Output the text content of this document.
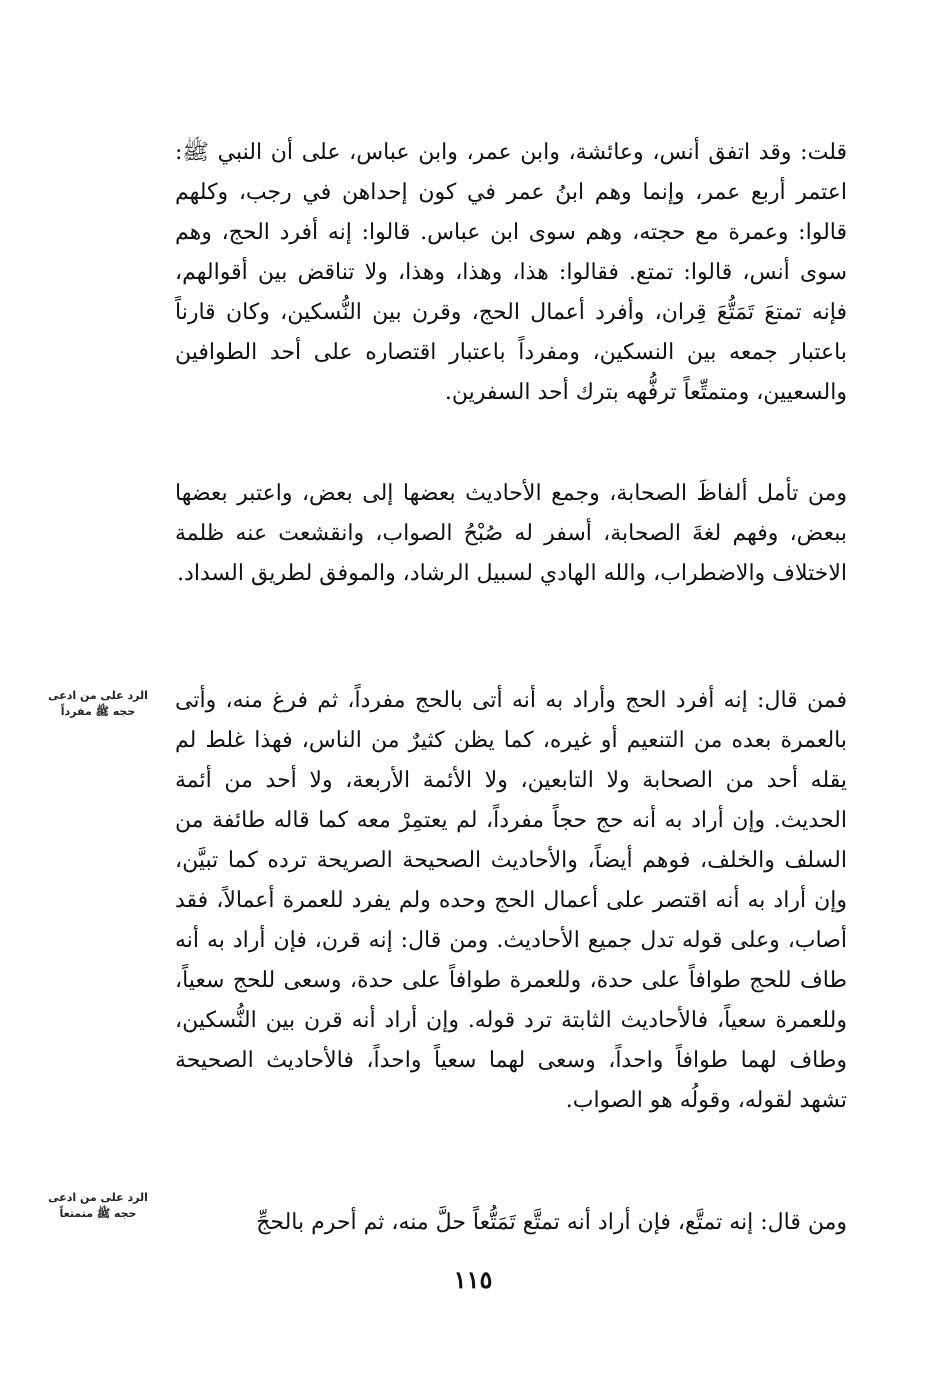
قلت: وقد اتفق أنس، وعائشة، وابن عمر، وابن عباس، على أن النبي ﷺ: اعتمر أربع عمر، وإنما وهم ابنُ عمر في كون إحداهن في رجب، وكلهم قالوا: وعمرة مع حجته، وهم سوى ابن عباس. قالوا: إنه أفرد الحج، وهم سوى أنس، قالوا: تمتع. فقالوا: هذا، وهذا، وهذا، ولا تناقض بين أقوالهم، فإنه تمتعَ تَمَتُّعَ قِران، وأفرد أعمال الحج، وقرن بين النُّسكين، وكان قارناً باعتبار جمعه بين النسكين، ومفرداً باعتبار اقتصاره على أحد الطوافين والسعيين، ومتمتِّعاً ترفُّهه بترك أحد السفرين.

ومن تأمل ألفاظَ الصحابة، وجمع الأحاديث بعضها إلى بعض، واعتبر بعضها ببعض، وفهم لغةَ الصحابة، أسفر له صُبْحُ الصواب، وانقشعت عنه ظلمة الاختلاف والاضطراب، والله الهادي لسبيل الرشاد، والموفق لطريق السداد.

الرد على من ادعى
حجه ﷺ مفرداً	فمن قال: إنه أفرد الحج وأراد به أنه أتى بالحج مفرداً، ثم فرغ منه، وأتى بالعمرة بعده من التنعيم أو غيره، كما يظن كثيرٌ من الناس، فهذا غلط لم يقله أحد من الصحابة ولا التابعين، ولا الأئمة الأربعة، ولا أحد من أئمة الحديث. وإن أراد به أنه حج حجاً مفرداً، لم يعتمِرْ معه كما قاله طائفة من السلف والخلف، فوهم أيضاً، والأحاديث الصحيحة الصريحة ترده كما تبيَّن، وإن أراد به أنه اقتصر على أعمال الحج وحده ولم يفرد للعمرة أعمالاً، فقد أصاب، وعلى قوله تدل جميع الأحاديث. ومن قال: إنه قرن، فإن أراد به أنه طاف للحج طوافاً على حدة، وللعمرة طوافاً على حدة، وسعى للحج سعياً، وللعمرة سعياً، فالأحاديث الثابتة ترد قوله. وإن أراد أنه قرن بين النُّسكين، وطاف لهما طوافاً واحداً، وسعى لهما سعياً واحداً، فالأحاديث الصحيحة تشهد لقوله، وقولُه هو الصواب.

الرد على من ادعى
حجه ﷺ متمتعاً	ومن قال: إنه تمتَّع، فإن أراد أنه تمتَّع تَمَتُّعاً حلَّ منه، ثم أحرم بالحجِّ

١١٥
